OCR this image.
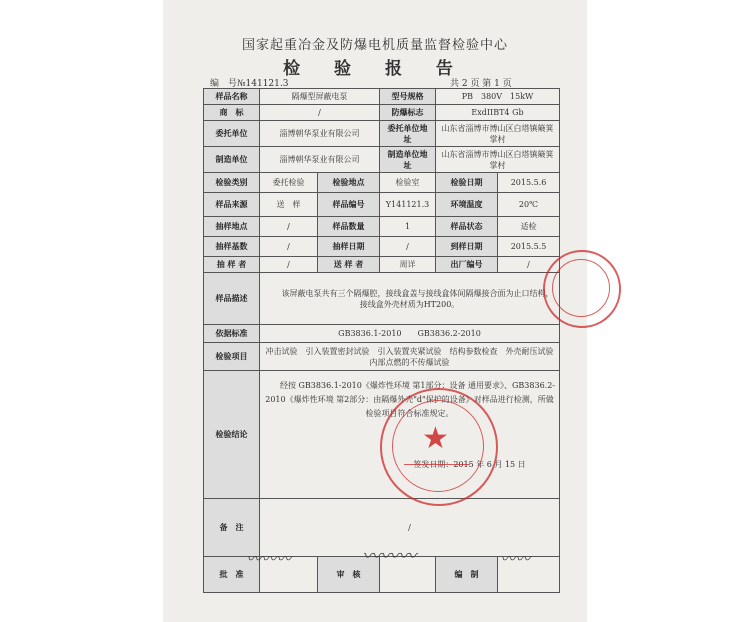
国家起重冶金及防爆电机质量监督检验中心
检 验 报 告
编　号№141121.3	共 2 页 第 1 页
样品名称	隔爆型屏蔽电泵		型号规格	PB　380V　15kW	
商　标	/		防爆标志	ExdIIBT4 Gb	
委托单位	淄博朝华泵业有限公司		委托单位地 址	山东省淄博市博山区白塔镇簸箕掌村	
制造单位	淄博朝华泵业有限公司		制造单位地 址	山东省淄博市博山区白塔镇簸箕掌村	
检验类别	委托检验	检验地点	检验室	检验日期	2015.5.6
样品来源	送　样	样品编号	Y141121.3	环境温度	20℃
抽样地点	/	样品数量	1	样品状态	适检
抽样基数	/	抽样日期	/	到样日期	2015.5.5
抽 样 者	/	送 样 者	周详	出厂编号	/
样品描述	该屏蔽电泵共有三个隔爆腔，接线盒盖与接线盒体间隔爆接合面为止口结构，接线盒外壳材质为HT200。				
依据标准	GB3836.1-2010　　GB3836.2-2010				
检验项目	冲击试验　引入装置密封试验　引入装置夹紧试验　结构参数检查　外壳耐压试验　内部点燃的不传爆试验				
检验结论	经按 GB3836.1-2010《爆炸性环境 第1部分：设备 通用要求》、GB3836.2-2010《爆炸性环境 第2部分：由隔爆外壳"d"保护的设备》对样品进行检测，所做检验项目符合标准规定。
签发日期：2015 年 6 月 15 日				

备　注	/				
批　准		审　核		编　制	
★
〰〰〰	〰〰〰	〰〰
